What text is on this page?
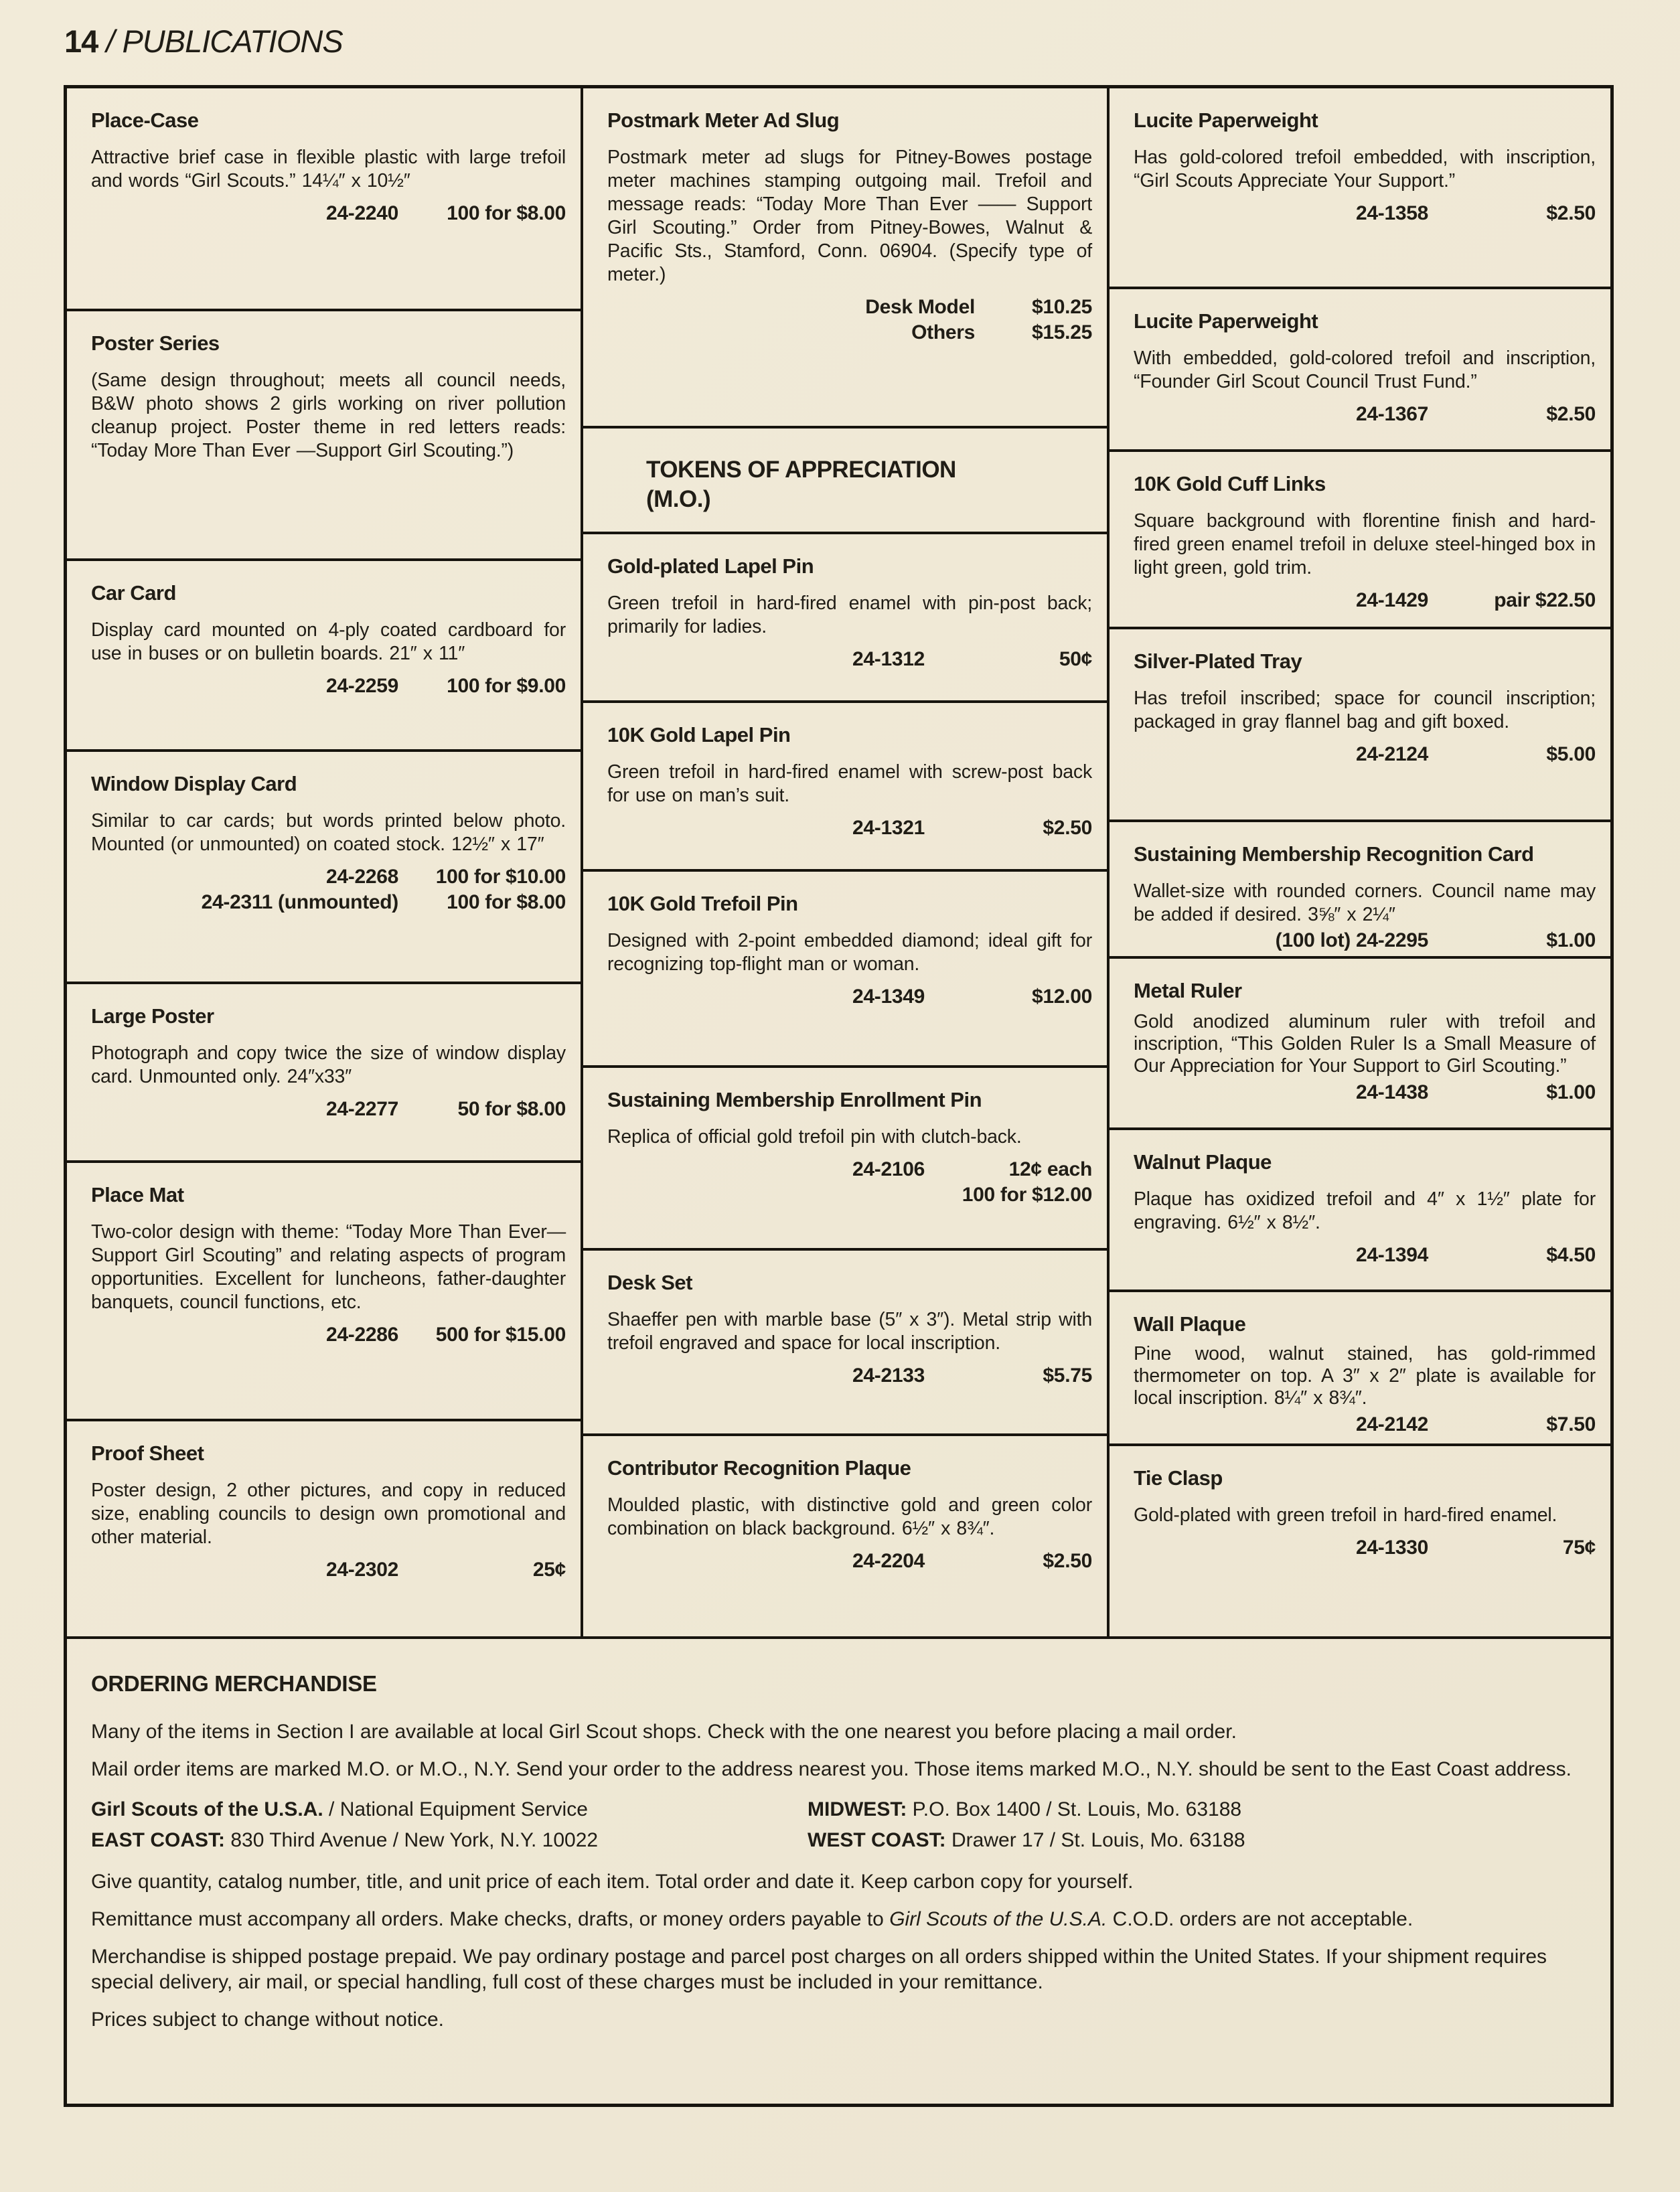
14 / PUBLICATIONS
Place-Case

Attractive brief case in flexible plastic with large trefoil and words “Girl Scouts.” 14¼″ x 10½″

24-2240	100 for $8.00
Poster Series

(Same design throughout; meets all council needs, B&W photo shows 2 girls working on river pollution cleanup project. Poster theme in red letters reads: “Today More Than Ever —Support Girl Scouting.”)

Car Card

Display card mounted on 4-ply coated cardboard for use in buses or on bulletin boards. 21″ x 11″

24-2259	100 for $9.00
Window Display Card

Similar to car cards; but words printed below photo. Mounted (or unmounted) on coated stock. 12½″ x 17″

24-2268	100 for $10.00
24-2311 (unmounted)	100 for $8.00
Large Poster

Photograph and copy twice the size of window display card. Unmounted only. 24″x33″

24-2277	50 for $8.00
Place Mat

Two-color design with theme: “Today More Than Ever—Support Girl Scouting” and relating aspects of program opportunities. Excellent for luncheons, father-daughter banquets, council functions, etc.

24-2286	500 for $15.00
Proof Sheet

Poster design, 2 other pictures, and copy in reduced size, enabling councils to design own promotional and other material.

24-2302	25¢
Postmark Meter Ad Slug

Postmark meter ad slugs for Pitney-Bowes postage meter machines stamping outgoing mail. Trefoil and message reads: “Today More Than Ever —— Support Girl Scouting.” Order from Pitney-Bowes, Walnut & Pacific Sts., Stamford, Conn. 06904. (Specify type of meter.)

Desk Model	$10.25
Others	$15.25
TOKENS OF APPRECIATION (M.O.)
Gold-plated Lapel Pin

Green trefoil in hard-fired enamel with pin-post back; primarily for ladies.

24-1312	50¢
10K Gold Lapel Pin

Green trefoil in hard-fired enamel with screw-post back for use on man’s suit.

24-1321	$2.50
10K Gold Trefoil Pin

Designed with 2-point embedded diamond; ideal gift for recognizing top-flight man or woman.

24-1349	$12.00
Sustaining Membership Enrollment Pin

Replica of official gold trefoil pin with clutch-back.

24-2106	12¢ each
100 for $12.00
Desk Set

Shaeffer pen with marble base (5″ x 3″). Metal strip with trefoil engraved and space for local inscription.

24-2133	$5.75
Contributor Recognition Plaque

Moulded plastic, with distinctive gold and green color combination on black background. 6½″ x 8¾″.

24-2204	$2.50
Lucite Paperweight

Has gold-colored trefoil embedded, with inscription, “Girl Scouts Appreciate Your Support.”

24-1358	$2.50
Lucite Paperweight

With embedded, gold-colored trefoil and inscription, “Founder Girl Scout Council Trust Fund.”

24-1367	$2.50
10K Gold Cuff Links

Square background with florentine finish and hard-fired green enamel trefoil in deluxe steel-hinged box in light green, gold trim.

24-1429	pair $22.50
Silver-Plated Tray

Has trefoil inscribed; space for council inscription; packaged in gray flannel bag and gift boxed.

24-2124	$5.00
Sustaining Membership Recognition Card

Wallet-size with rounded corners. Council name may be added if desired. 3⅝″ x 2¼″

(100 lot) 24-2295	$1.00
Metal Ruler

Gold anodized aluminum ruler with trefoil and inscription, “This Golden Ruler Is a Small Measure of Our Appreciation for Your Support to Girl Scouting.”

24-1438	$1.00
Walnut Plaque

Plaque has oxidized trefoil and 4″ x 1½″ plate for engraving. 6½″ x 8½″.

24-1394	$4.50
Wall Plaque

Pine wood, walnut stained, has gold-rimmed thermometer on top. A 3″ x 2″ plate is available for local inscription. 8¼″ x 8¾″.

24-2142	$7.50
Tie Clasp

Gold-plated with green trefoil in hard-fired enamel.

24-1330	75¢
ORDERING MERCHANDISE

Many of the items in Section I are available at local Girl Scout shops. Check with the one nearest you before placing a mail order.

Mail order items are marked M.O. or M.O., N.Y. Send your order to the address nearest you. Those items marked M.O., N.Y. should be sent to the East Coast address.

Girl Scouts of the U.S.A. / National Equipment Service	MIDWEST: P.O. Box 1400 / St. Louis, Mo. 63188
EAST COAST: 830 Third Avenue / New York, N.Y. 10022	WEST COAST: Drawer 17 / St. Louis, Mo. 63188

Give quantity, catalog number, title, and unit price of each item. Total order and date it. Keep carbon copy for yourself.

Remittance must accompany all orders. Make checks, drafts, or money orders payable to Girl Scouts of the U.S.A. C.O.D. orders are not acceptable.

Merchandise is shipped postage prepaid. We pay ordinary postage and parcel post charges on all orders shipped within the United States. If your shipment requires special delivery, air mail, or special handling, full cost of these charges must be included in your remittance.

Prices subject to change without notice.
